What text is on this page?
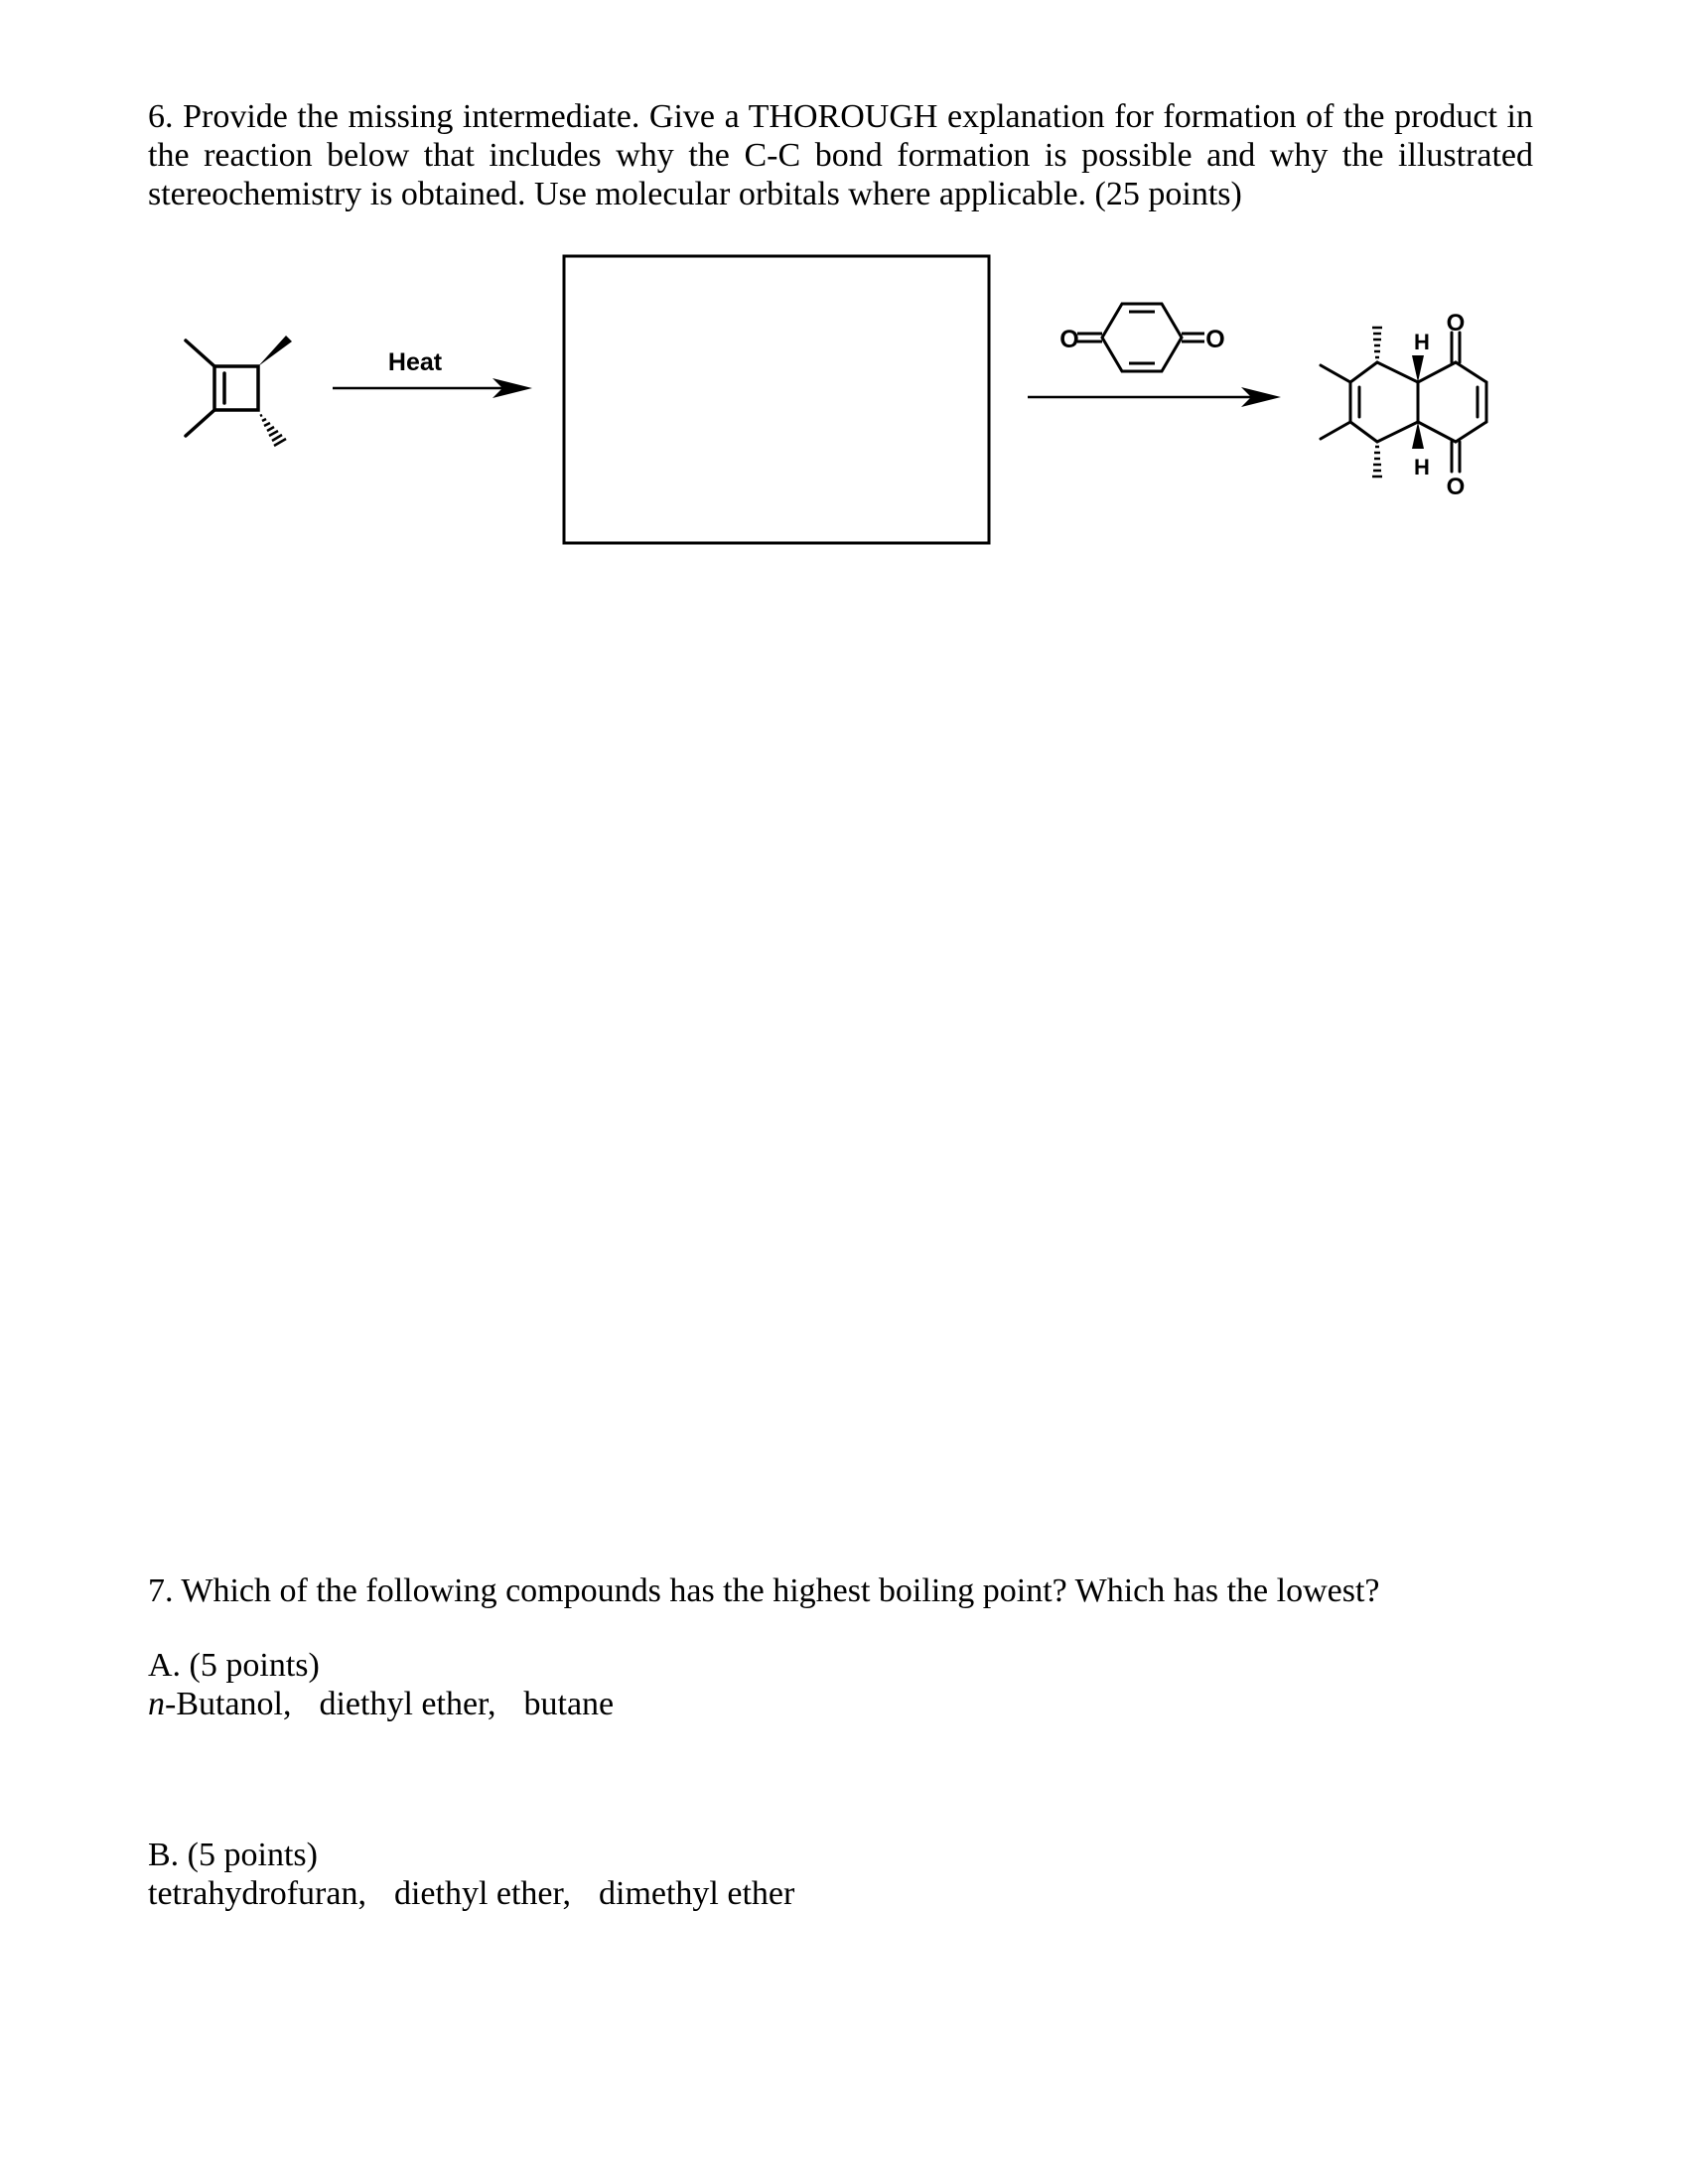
6. Provide the missing intermediate. Give a THOROUGH explanation for formation of the product in
the reaction below that includes why the C-C bond formation is possible and why the illustrated
stereochemistry is obtained. Use molecular orbitals where applicable. (25 points)
Heat
O	O	H
H
O
O
7. Which of the following compounds has the highest boiling point? Which has the lowest?
A. (5 points)
n-Butanol, diethyl ether, butane
B. (5 points)
tetrahydrofuran, diethyl ether, dimethyl ether
